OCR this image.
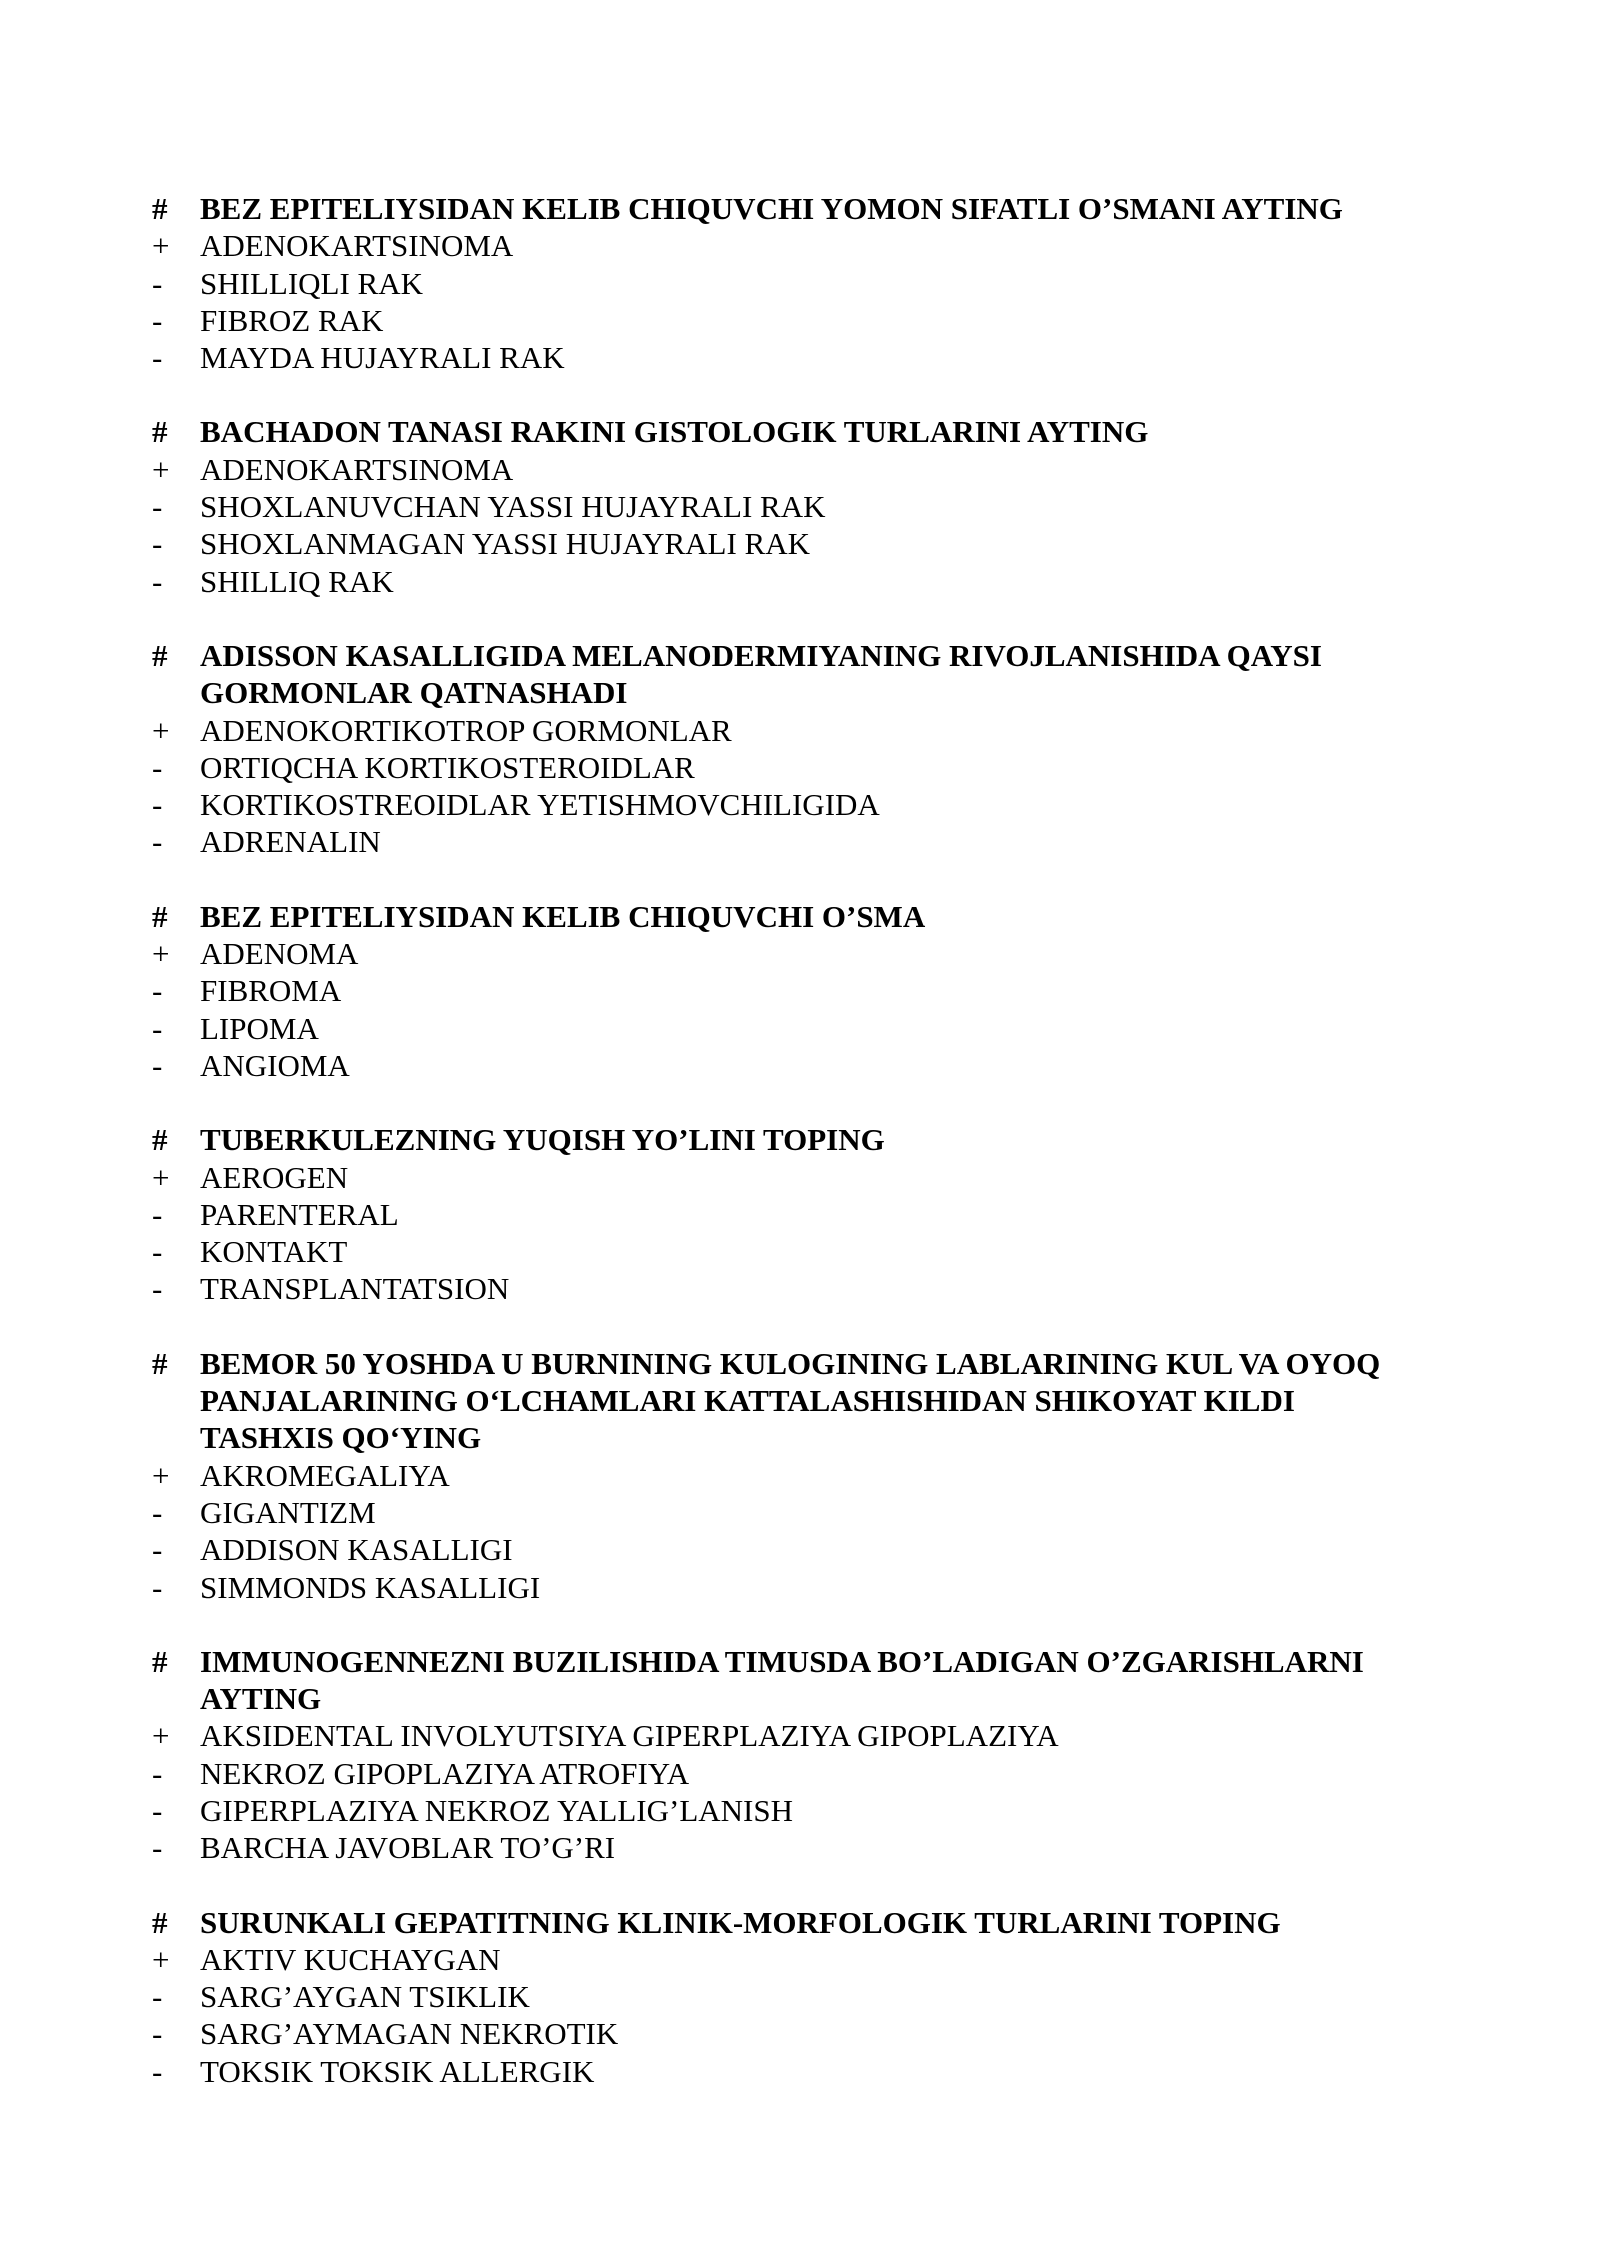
#	BEZ EPITELIYSIDAN KELIB CHIQUVCHI YOMON SIFATLI O’SMANI AYTING
+ ADENOKARTSINOMA
-	SHILLIQLI RAK
-	FIBROZ RAK
-	MAYDA HUJAYRALI RAK
#	BACHADON TANASI RAKINI GISTOLOGIK TURLARINI AYTING
+ ADENOKARTSINOMA
-	SHOXLANUVCHAN YASSI HUJAYRALI RAK
-	SHOXLANMAGAN YASSI HUJAYRALI RAK
-	SHILLIQ RAK
#	ADISSON KASALLIGIDA MELANODERMIYANING RIVOJLANISHIDA QAYSI
GORMONLAR QATNASHADI
+ ADENOKORTIKOTROP GORMONLAR
-	ORTIQCHA KORTIKOSTEROIDLAR
-	KORTIKOSTREOIDLAR YETISHMOVCHILIGIDA
-	ADRENALIN
#	BEZ EPITELIYSIDAN KELIB CHIQUVCHI O’SMA
+ ADENOMA
-	FIBROMA
-	LIPOMA
-	ANGIOMA
#	TUBERKULEZNING YUQISH YO’LINI TOPING
+ AEROGEN
-	PARENTERAL
-	KONTAKT
-	TRANSPLANTATSION
#	BEMOR 50 YOSHDA U BURNINING KULOGINING LABLARINING KUL VA OYOQ
PANJALARINING O‘LCHAMLARI KATTALASHISHIDAN SHIKOYAT KILDI
TASHXIS QO‘YING
+ AKROMEGALIYA
-	GIGANTIZM
-	ADDISON KASALLIGI
-	SIMMONDS KASALLIGI
#	IMMUNOGENNEZNI BUZILISHIDA TIMUSDA BO’LADIGAN O’ZGARISHLARNI
AYTING
+ AKSIDENTAL INVOLYUTSIYA GIPERPLAZIYA GIPOPLAZIYA
-	NEKROZ GIPOPLAZIYA ATROFIYA
-	GIPERPLAZIYA NEKROZ YALLIG’LANISH
-	BARCHA JAVOBLAR TO’G’RI
#	SURUNKALI GEPATITNING KLINIK-MORFOLOGIK TURLARINI TOPING
+ AKTIV KUCHAYGAN
-	SARG’AYGAN TSIKLIK
-	SARG’AYMAGAN NEKROTIK
-	TOKSIK TOKSIK ALLERGIK
